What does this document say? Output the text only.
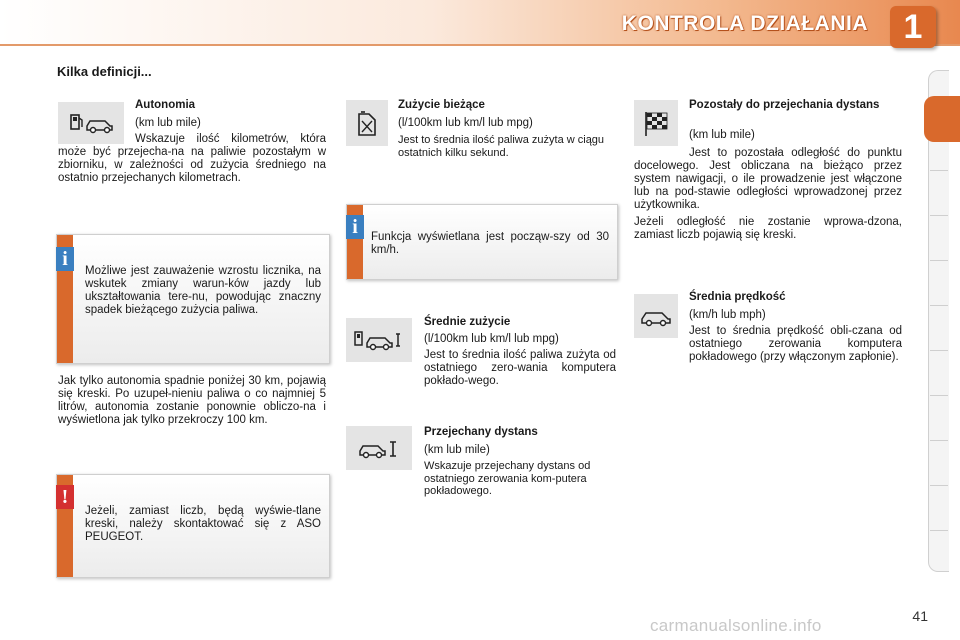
KONTROLA DZIAŁANIA	1
Kilka definicji...
Autonomia
(km lub mile)

Wskazuje ilość kilometrów, która może być przejecha-na na paliwie pozostałym w zbiorniku, w zależności od zużycia średniego na ostatnio przejechanych kilometrach.

i
Możliwe jest zauważenie wzrostu licznika, na wskutek zmiany warun-ków jazdy lub ukształtowania tere-nu, powodując znaczny spadek bieżącego zużycia paliwa.

Jak tylko autonomia spadnie poniżej 30 km, pojawią się kreski. Po uzupeł-nieniu paliwa o co najmniej 5 litrów, autonomia zostanie ponownie obliczo-na i wyświetlona jak tylko przekroczy 100 km.

!
Jeżeli, zamiast liczb, będą wyświe-tlane kreski, należy skontaktować się z ASO PEUGEOT.
Zużycie bieżące
(l/100km lub km/l lub mpg)

Jest to średnia ilość paliwa zużyta w ciągu ostatnich kilku sekund.

i	Funkcja wyświetlana jest począw-szy od 30 km/h.
Średnie zużycie
(l/100km lub km/l lub mpg)

Jest to średnia ilość paliwa zużyta od ostatniego zero-wania komputera pokłado-wego.

Przejechany dystans
(km lub mile)

Wskazuje przejechany dystans od ostatniego zerowania kom-putera pokładowego.

Pozostały do przejechania dystans
(km lub mile)

Jest to pozostała odległość do punktu docelowego. Jest obliczana na bieżąco przez system nawigacji, o ile prowadzenie jest włączone lub na pod-stawie odległości wprowadzonej przez użytkownika.

Jeżeli odległość nie zostanie wprowa-dzona, zamiast liczb pojawią się kreski.

Średnia prędkość
(km/h lub mph)

Jest to średnia prędkość obli-czana od ostatniego zerowania komputera pokładowego (przy włączonym zapłonie).

carmanualsonline.info	41
